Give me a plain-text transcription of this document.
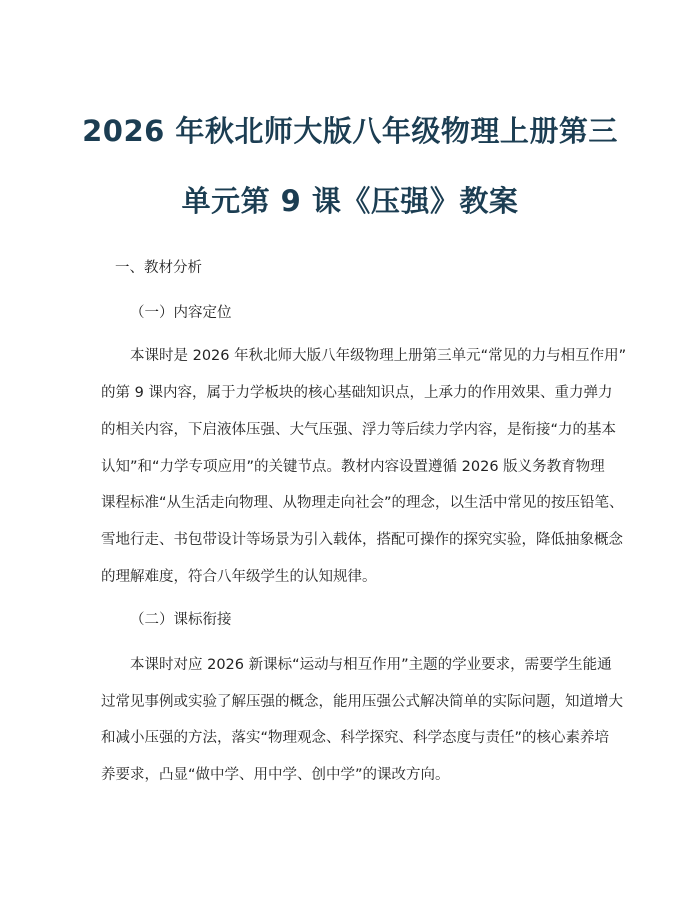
2026 年秋北师大版八年级物理上册第三
单元第 9 课《压强》教案
一、教材分析
（一）内容定位
本课时是 2026 年秋北师大版八年级物理上册第三单元“常见的力与相互作用”
的第 9 课内容，属于力学板块的核心基础知识点，上承力的作用效果、重力弹力
的相关内容，下启液体压强、大气压强、浮力等后续力学内容，是衔接“力的基本
认知”和“力学专项应用”的关键节点。教材内容设置遵循 2026 版义务教育物理
课程标准“从生活走向物理、从物理走向社会”的理念，以生活中常见的按压铅笔、
雪地行走、书包带设计等场景为引入载体，搭配可操作的探究实验，降低抽象概念
的理解难度，符合八年级学生的认知规律。
（二）课标衔接
本课时对应 2026 新课标“运动与相互作用”主题的学业要求，需要学生能通
过常见事例或实验了解压强的概念，能用压强公式解决简单的实际问题，知道增大
和减小压强的方法，落实“物理观念、科学探究、科学态度与责任”的核心素养培
养要求，凸显“做中学、用中学、创中学”的课改方向。
